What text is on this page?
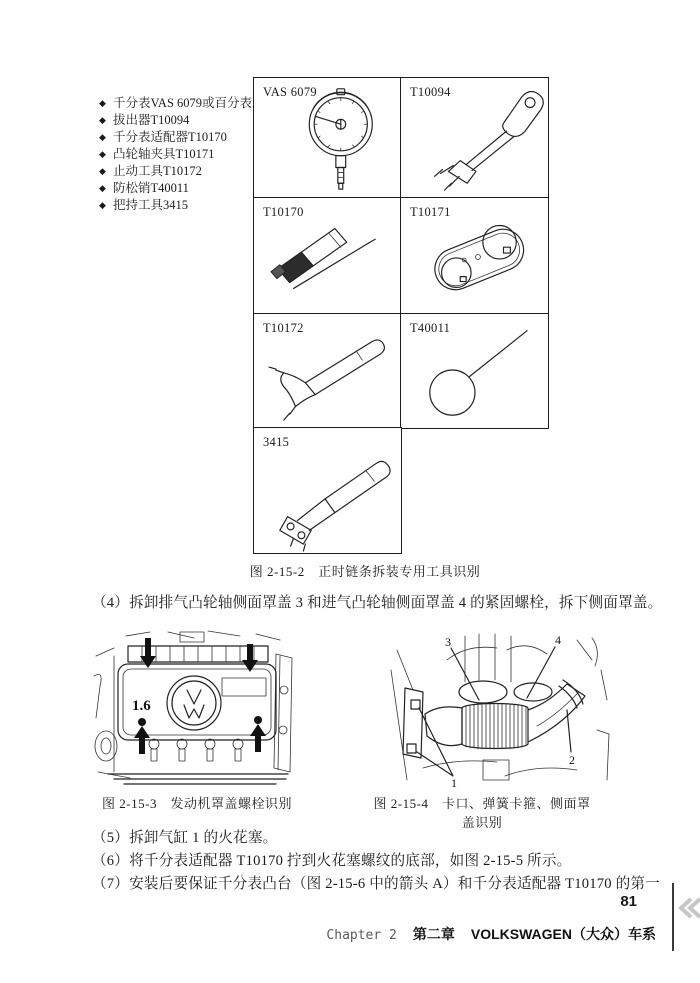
◆ 千分表VAS 6079或百分表
◆ 拔出器T10094
◆ 千分表适配器T10170
◆ 凸轮轴夹具T10171
◆ 止动工具T10172
◆ 防松销T40011
◆ 把持工具3415
VAS 6079	T10094
T10170	T10171
T10172	T40011
3415
图 2-15-2　正时链条拆装专用工具识别
（4）拆卸排气凸轮轴侧面罩盖 3 和进气凸轮轴侧面罩盖 4 的紧固螺栓，拆下侧面罩盖。
1.6
3	4
2
1
图 2-15-3　发动机罩盖螺栓识别	图 2-15-4　卡口、弹簧卡箍、侧面罩盖识别
（5）拆卸气缸 1 的火花塞。
（6）将千分表适配器 T10170 拧到火花塞螺纹的底部，如图 2-15-5 所示。
（7）安装后要保证千分表凸台（图 2-15-6 中的箭头 A）和千分表适配器 T10170 的第一
81
Chapter 2 第二章 VOLKSWAGEN（大众）车系
